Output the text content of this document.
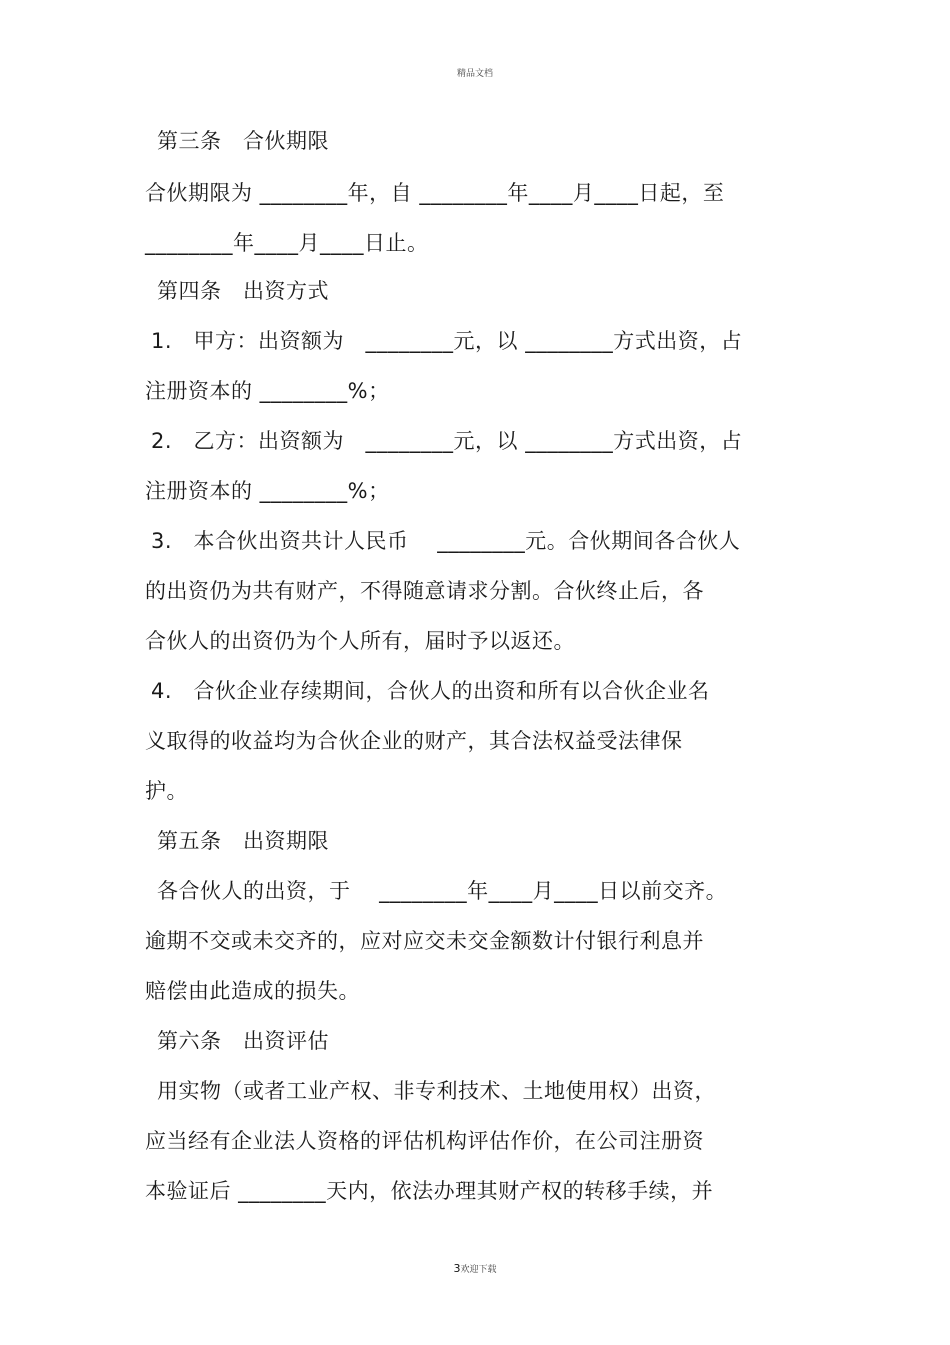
精品文档
第三条　合伙期限
合伙期限为 ________年，自 ________年____月____日起，至
________年____月____日止。
第四条　出资方式
1.　甲方：出资额为　________元，以 ________方式出资，占
注册资本的 ________%；
2.　乙方：出资额为　________元，以 ________方式出资，占
注册资本的 ________%；
3.　本合伙出资共计人民币　 ________元。合伙期间各合伙人
的出资仍为共有财产，不得随意请求分割。合伙终止后，各
合伙人的出资仍为个人所有，届时予以返还。
4.　合伙企业存续期间，合伙人的出资和所有以合伙企业名
义取得的收益均为合伙企业的财产，其合法权益受法律保
护。
第五条　出资期限
各合伙人的出资，于　 ________年____月____日以前交齐。
逾期不交或未交齐的，应对应交未交金额数计付银行利息并
赔偿由此造成的损失。
第六条　出资评估
用实物（或者工业产权、非专利技术、土地使用权）出资，
应当经有企业法人资格的评估机构评估作价，在公司注册资
本验证后 ________天内，依法办理其财产权的转移手续，并
3欢迎下载
